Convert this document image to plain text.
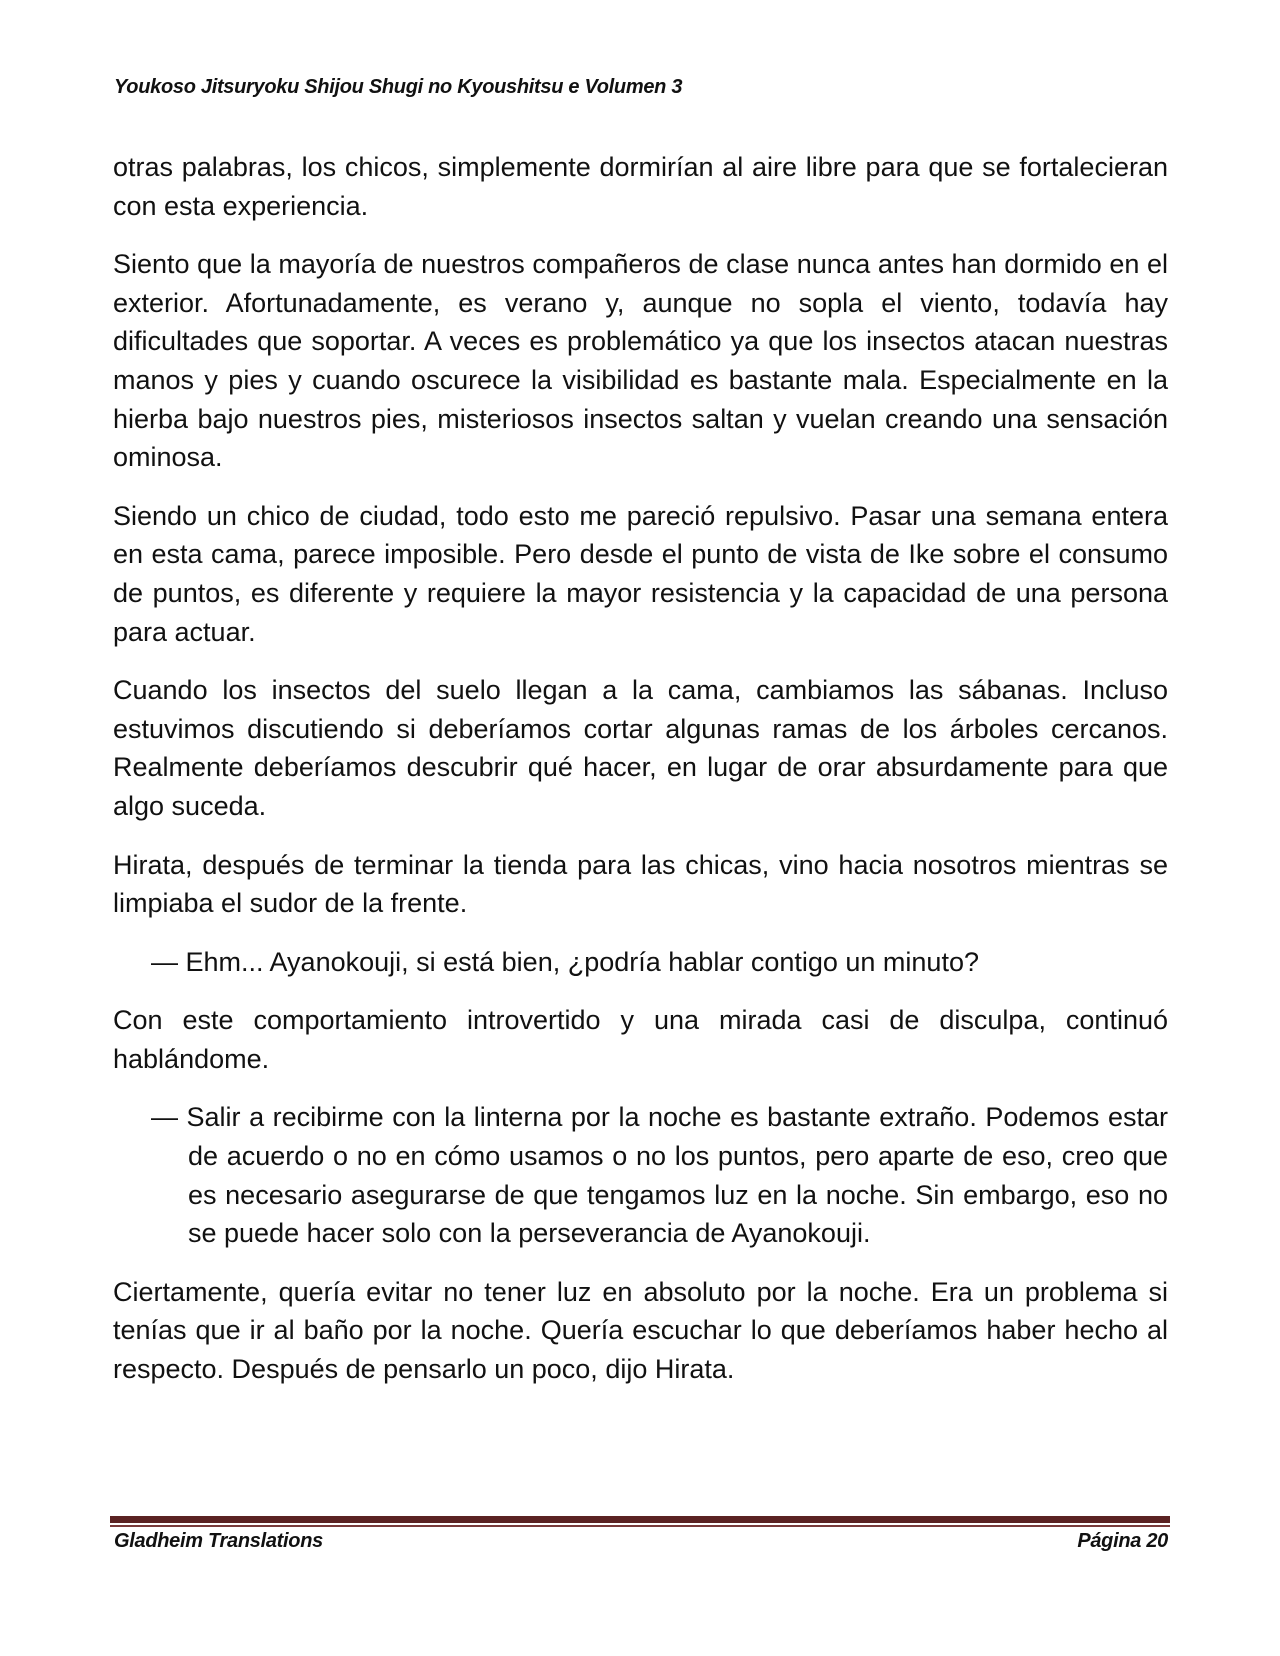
Youkoso Jitsuryoku Shijou Shugi no Kyoushitsu e Volumen 3

otras palabras, los chicos, simplemente dormirían al aire libre para que se fortalecieran con esta experiencia.

Siento que la mayoría de nuestros compañeros de clase nunca antes han dormido en el exterior. Afortunadamente, es verano y, aunque no sopla el viento, todavía hay dificultades que soportar. A veces es problemático ya que los insectos atacan nuestras manos y pies y cuando oscurece la visibilidad es bastante mala. Especialmente en la hierba bajo nuestros pies, misteriosos insectos saltan y vuelan creando una sensación ominosa.

Siendo un chico de ciudad, todo esto me pareció repulsivo. Pasar una semana entera en esta cama, parece imposible. Pero desde el punto de vista de Ike sobre el consumo de puntos, es diferente y requiere la mayor resistencia y la capacidad de una persona para actuar.

Cuando los insectos del suelo llegan a la cama, cambiamos las sábanas. Incluso estuvimos discutiendo si deberíamos cortar algunas ramas de los árboles cercanos. Realmente deberíamos descubrir qué hacer, en lugar de orar absurdamente para que algo suceda.

Hirata, después de terminar la tienda para las chicas, vino hacia nosotros mientras se limpiaba el sudor de la frente.

— Ehm... Ayanokouji, si está bien, ¿podría hablar contigo un minuto?

Con este comportamiento introvertido y una mirada casi de disculpa, continuó hablándome.

— Salir a recibirme con la linterna por la noche es bastante extraño. Podemos estar de acuerdo o no en cómo usamos o no los puntos, pero aparte de eso, creo que es necesario asegurarse de que tengamos luz en la noche. Sin embargo, eso no se puede hacer solo con la perseverancia de Ayanokouji.

Ciertamente, quería evitar no tener luz en absoluto por la noche. Era un problema si tenías que ir al baño por la noche. Quería escuchar lo que deberíamos haber hecho al respecto. Después de pensarlo un poco, dijo Hirata.

Gladheim Translations	Página 20
